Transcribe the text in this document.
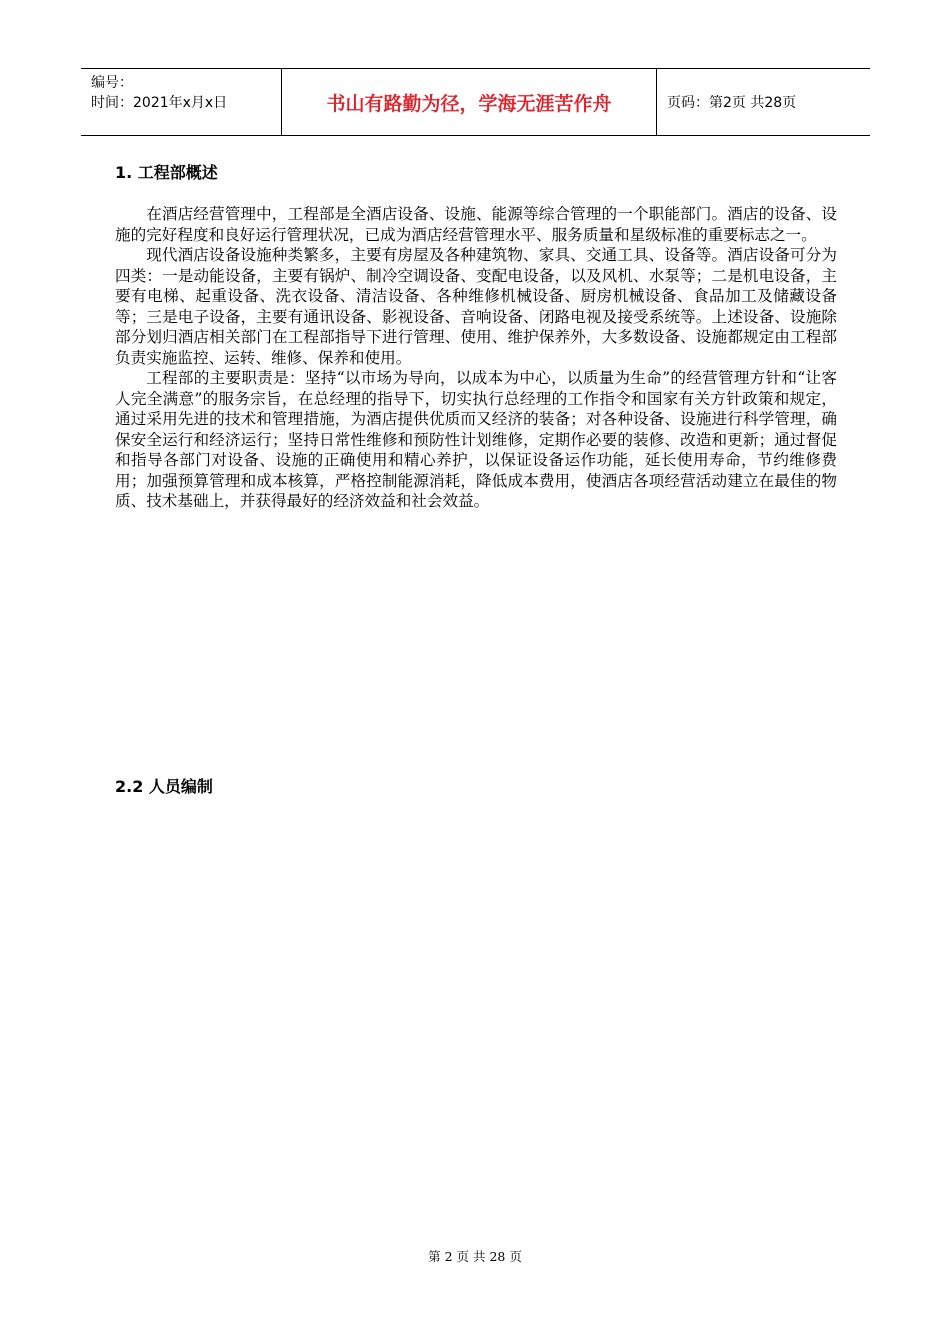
编号：
时间：2021年x月x日	书山有路勤为径，学海无涯苦作舟	页码：第2页 共28页
1. 工程部概述

在酒店经营管理中，工程部是全酒店设备、设施、能源等综合管理的一个职能部门。酒店的设备、设施的完好程度和良好运行管理状况，已成为酒店经营管理水平、服务质量和星级标准的重要标志之一。

现代酒店设备设施种类繁多，主要有房屋及各种建筑物、家具、交通工具、设备等。酒店设备可分为四类：一是动能设备，主要有锅炉、制冷空调设备、变配电设备，以及风机、水泵等；二是机电设备，主要有电梯、起重设备、洗衣设备、清洁设备、各种维修机械设备、厨房机械设备、食品加工及储藏设备等；三是电子设备，主要有通讯设备、影视设备、音响设备、闭路电视及接受系统等。上述设备、设施除部分划归酒店相关部门在工程部指导下进行管理、使用、维护保养外，大多数设备、设施都规定由工程部负责实施监控、运转、维修、保养和使用。

工程部的主要职责是：坚持“以市场为导向，以成本为中心，以质量为生命”的经营管理方针和“让客人完全满意”的服务宗旨，在总经理的指导下，切实执行总经理的工作指令和国家有关方针政策和规定，通过采用先进的技术和管理措施，为酒店提供优质而又经济的装备；对各种设备、设施进行科学管理，确保安全运行和经济运行；坚持日常性维修和预防性计划维修，定期作必要的装修、改造和更新；通过督促和指导各部门对设备、设施的正确使用和精心养护，以保证设备运作功能，延长使用寿命，节约维修费用；加强预算管理和成本核算，严格控制能源消耗，降低成本费用，使酒店各项经营活动建立在最佳的物质、技术基础上，并获得最好的经济效益和社会效益。

2.2 人员编制
第 2 页 共 28 页
